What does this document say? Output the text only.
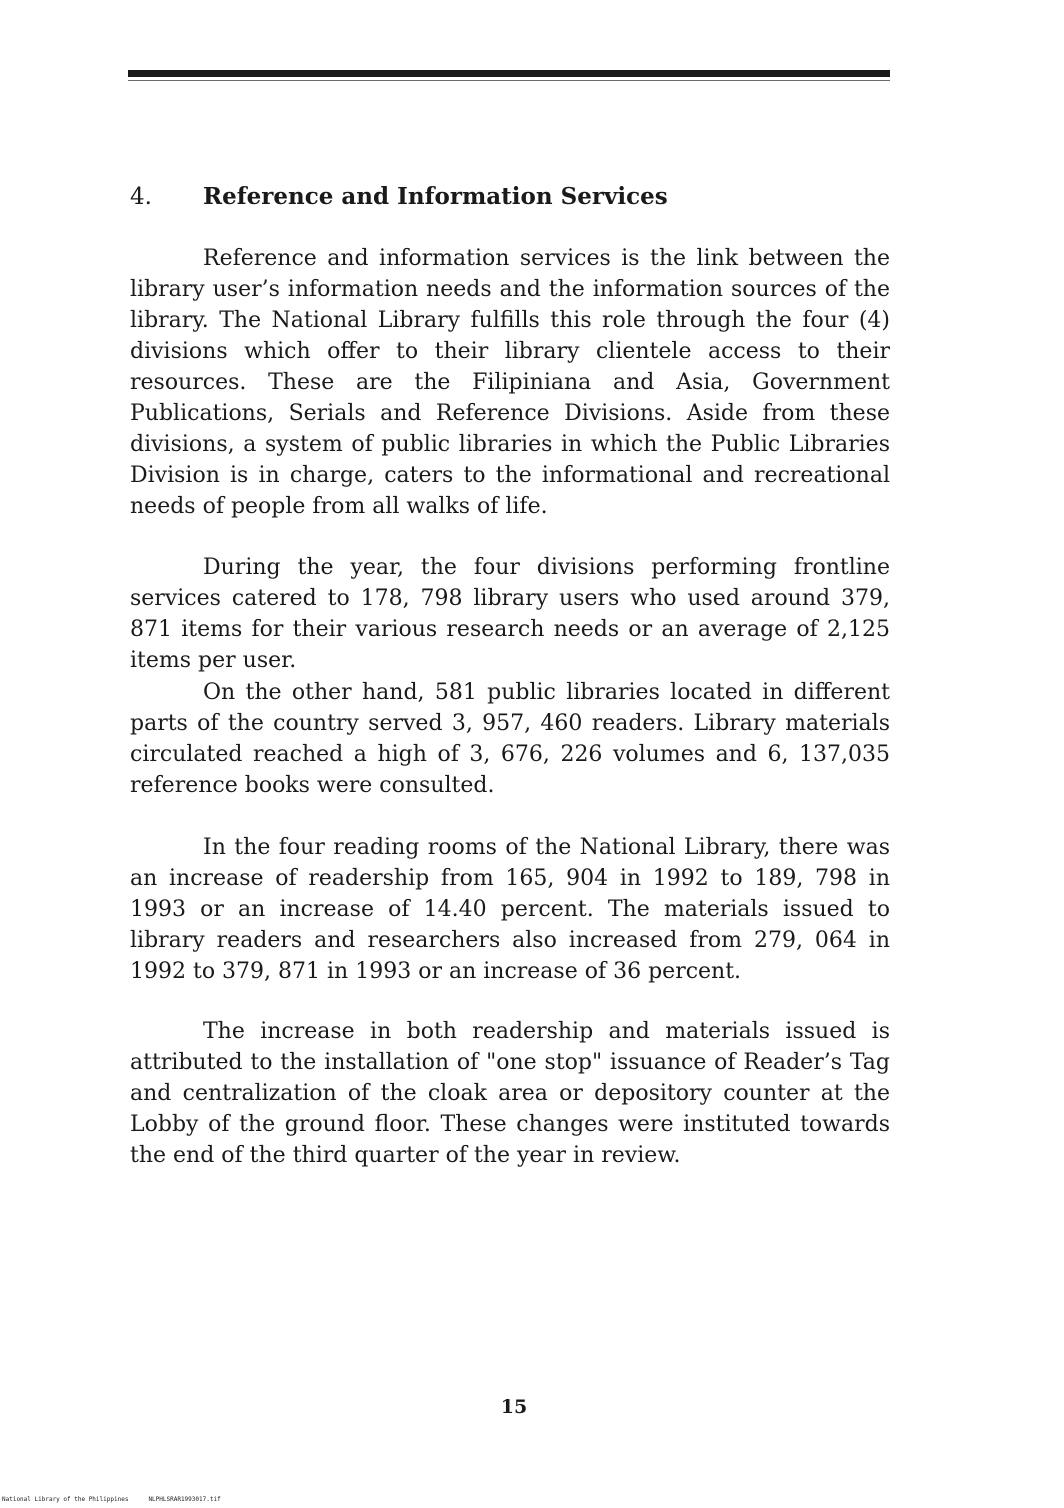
4. Reference and Information Services

Reference and information services is the link between the library user’s information needs and the information sources of the library. The National Library fulfills this role through the four (4) divisions which offer to their library clientele access to their resources. These are the Filipiniana and Asia, Government Publications, Serials and Reference Divisions. Aside from these divisions, a system of public libraries in which the Public Libraries Division is in charge, caters to the informational and recreational needs of people from all walks of life.

During the year, the four divisions performing frontline services catered to 178, 798 library users who used around 379, 871 items for their various research needs or an average of 2,125 items per user.

On the other hand, 581 public libraries located in different parts of the country served 3, 957, 460 readers. Library materials circulated reached a high of 3, 676, 226 volumes and 6, 137,035 reference books were consulted.

In the four reading rooms of the National Library, there was an increase of readership from 165, 904 in 1992 to 189, 798 in 1993 or an increase of 14.40 percent. The materials issued to library readers and researchers also increased from 279, 064 in 1992 to 379, 871 in 1993 or an increase of 36 percent.

The increase in both readership and materials issued is attributed to the installation of "one stop" issuance of Reader’s Tag and centralization of the cloak area or depository counter at the Lobby of the ground floor. These changes were instituted towards the end of the third quarter of the year in review.

15
National Library of the Philippines	NLPHLSRAR1993017.tif
